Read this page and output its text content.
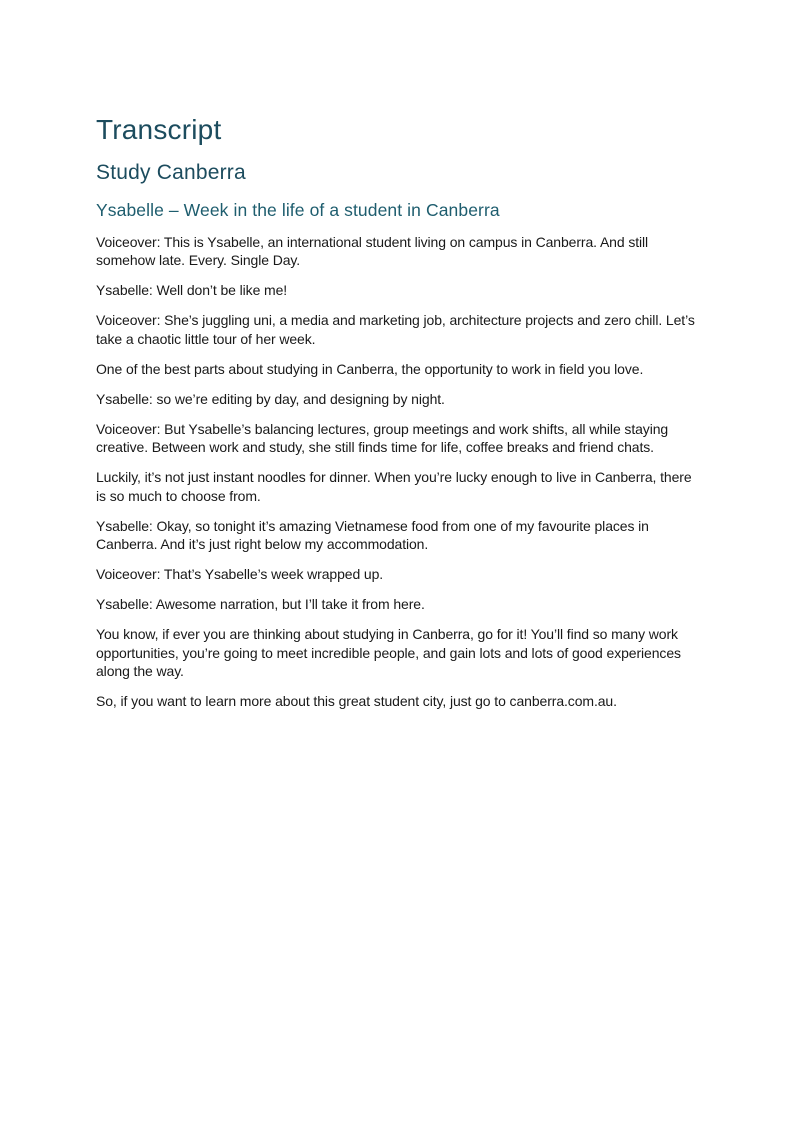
Transcript
Study Canberra
Ysabelle – Week in the life of a student in Canberra

Voiceover: This is Ysabelle, an international student living on campus in Canberra. And still somehow late. Every. Single Day.

Ysabelle: Well don’t be like me!

Voiceover: She’s juggling uni, a media and marketing job, architecture projects and zero chill. Let’s take a chaotic little tour of her week.

One of the best parts about studying in Canberra, the opportunity to work in field you love.

Ysabelle: so we’re editing by day, and designing by night.

Voiceover: But Ysabelle’s balancing lectures, group meetings and work shifts, all while staying creative. Between work and study, she still finds time for life, coffee breaks and friend chats.

Luckily, it’s not just instant noodles for dinner. When you’re lucky enough to live in Canberra, there is so much to choose from.

Ysabelle: Okay, so tonight it’s amazing Vietnamese food from one of my favourite places in Canberra. And it’s just right below my accommodation.

Voiceover: That’s Ysabelle’s week wrapped up.

Ysabelle: Awesome narration, but I’ll take it from here.

You know, if ever you are thinking about studying in Canberra, go for it! You’ll find so many work opportunities, you’re going to meet incredible people, and gain lots and lots of good experiences along the way.

So, if you want to learn more about this great student city, just go to canberra.com.au.
